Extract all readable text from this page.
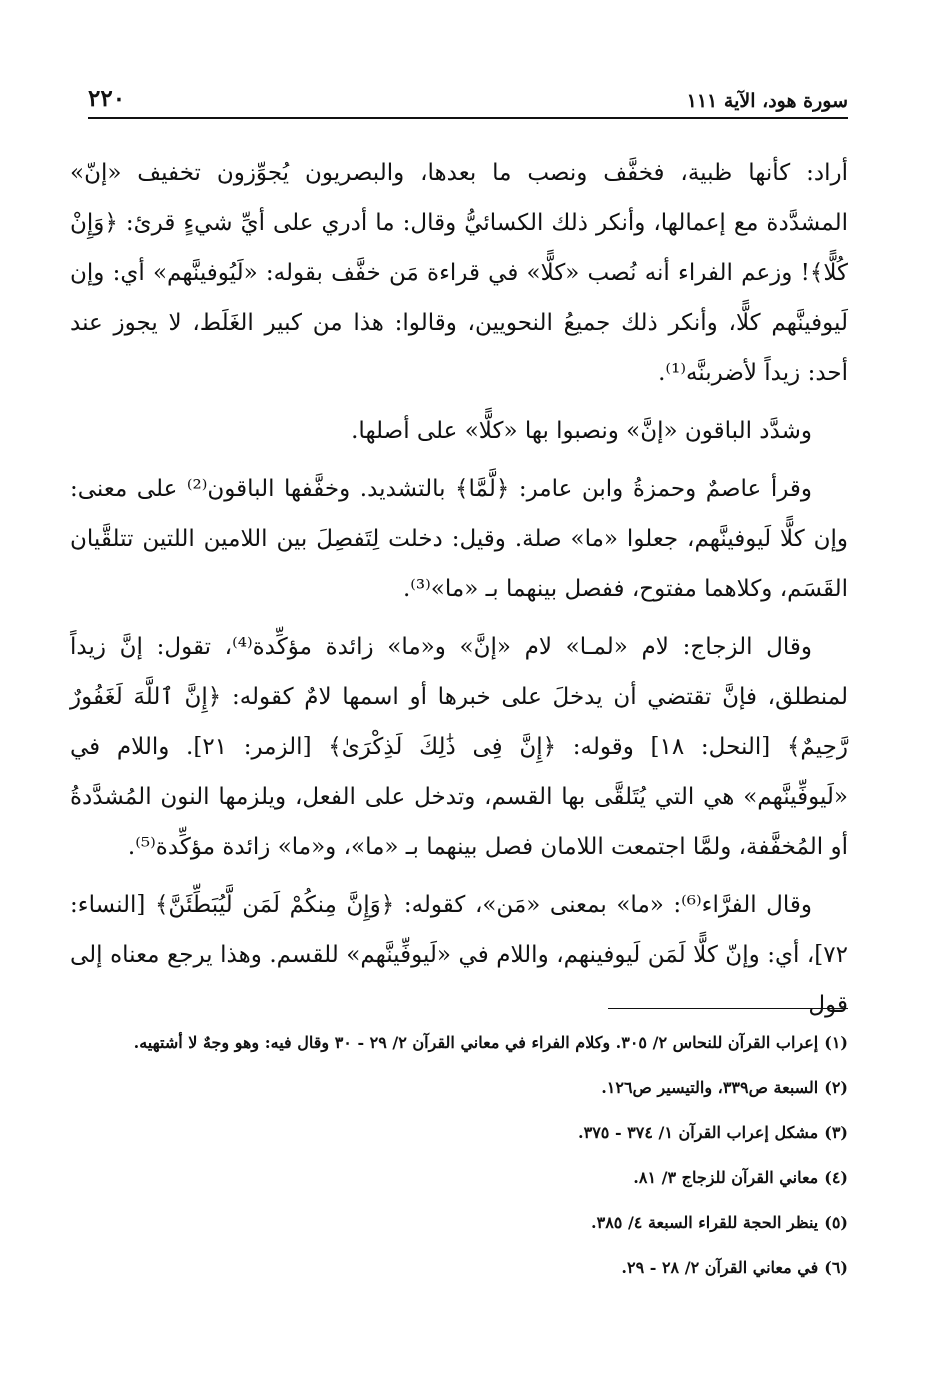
سورة هود، الآية ١١١
٢٢٠

أراد: كأنها ظبية، فخفَّف ونصب ما بعدها، والبصريون يُجوِّزون تخفيف «إنّ» المشدَّدة مع إعمالها، وأنكر ذلك الكسائيُّ وقال: ما أدري على أيِّ شيءٍ قرئ: ﴿وَإِنْ كُلًّا﴾! وزعم الفراء أنه نُصب «كلًّا» في قراءة مَن خفَّف بقوله: «لَيُوفينَّهم» أي: وإن لَيوفينَّهم كلًّا، وأنكر ذلك جميعُ النحويين، وقالوا: هذا من كبير الغَلَط، لا يجوز عند أحد: زيداً لأضربنَّه⁽¹⁾.

وشدَّد الباقون «إنَّ» ونصبوا بها «كلًّا» على أصلها.

وقرأ عاصمٌ وحمزةُ وابن عامر: ﴿لَّمَّا﴾ بالتشديد. وخفَّفها الباقون⁽²⁾ على معنى: وإن كلًّا لَيوفينَّهم، جعلوا «ما» صلة. وقيل: دخلت لِتَفصِلَ بين اللامين اللتين تتلقَّيان القَسَم، وكلاهما مفتوح، ففصل بينهما بـ «ما»⁽³⁾.

وقال الزجاج: لام «لمـا» لام «إنَّ» و«ما» زائدة مؤكِّدة⁽⁴⁾، تقول: إنَّ زيداً لمنطلق، فإنَّ تقتضي أن يدخلَ على خبرها أو اسمها لامٌ كقوله: ﴿إِنَّ ٱللَّهَ لَغَفُورٌ رَّحِيمٌ﴾ [النحل: ١٨] وقوله: ﴿إِنَّ فِى ذَٰلِكَ لَذِكْرَىٰ﴾ [الزمر: ٢١]. واللام في «لَيوفِّينَّهم» هي التي يُتَلقَّى بها القسم، وتدخل على الفعل، ويلزمها النون المُشدَّدةُ أو المُخفَّفة، ولمَّا اجتمعت اللامان فصل بينهما بـ «ما»، و«ما» زائدة مؤكِّدة⁽⁵⁾.

وقال الفرَّاء⁽⁶⁾: «ما» بمعنى «مَن»، كقوله: ﴿وَإِنَّ مِنكُمْ لَمَن لَّيُبَطِّئَنَّ﴾ [النساء: ٧٢]، أي: وإنّ كلًّا لَمَن لَيوفينهم، واللام في «لَيوفِّينَّهم» للقسم. وهذا يرجع معناه إلى قول

(١)إعراب القرآن للنحاس ٢/ ٣٠٥. وكلام الفراء في معاني القرآن ٢/ ٢٩ - ٣٠ وقال فيه: وهو وجهٌ لا أشتهيه.
(٢)السبعة ص٣٣٩، والتيسير ص١٢٦.
(٣)مشكل إعراب القرآن ١/ ٣٧٤ - ٣٧٥.
(٤)معاني القرآن للزجاج ٣/ ٨١.
(٥)ينظر الحجة للقراء السبعة ٤/ ٣٨٥.
(٦)في معاني القرآن ٢/ ٢٨ - ٢٩.
